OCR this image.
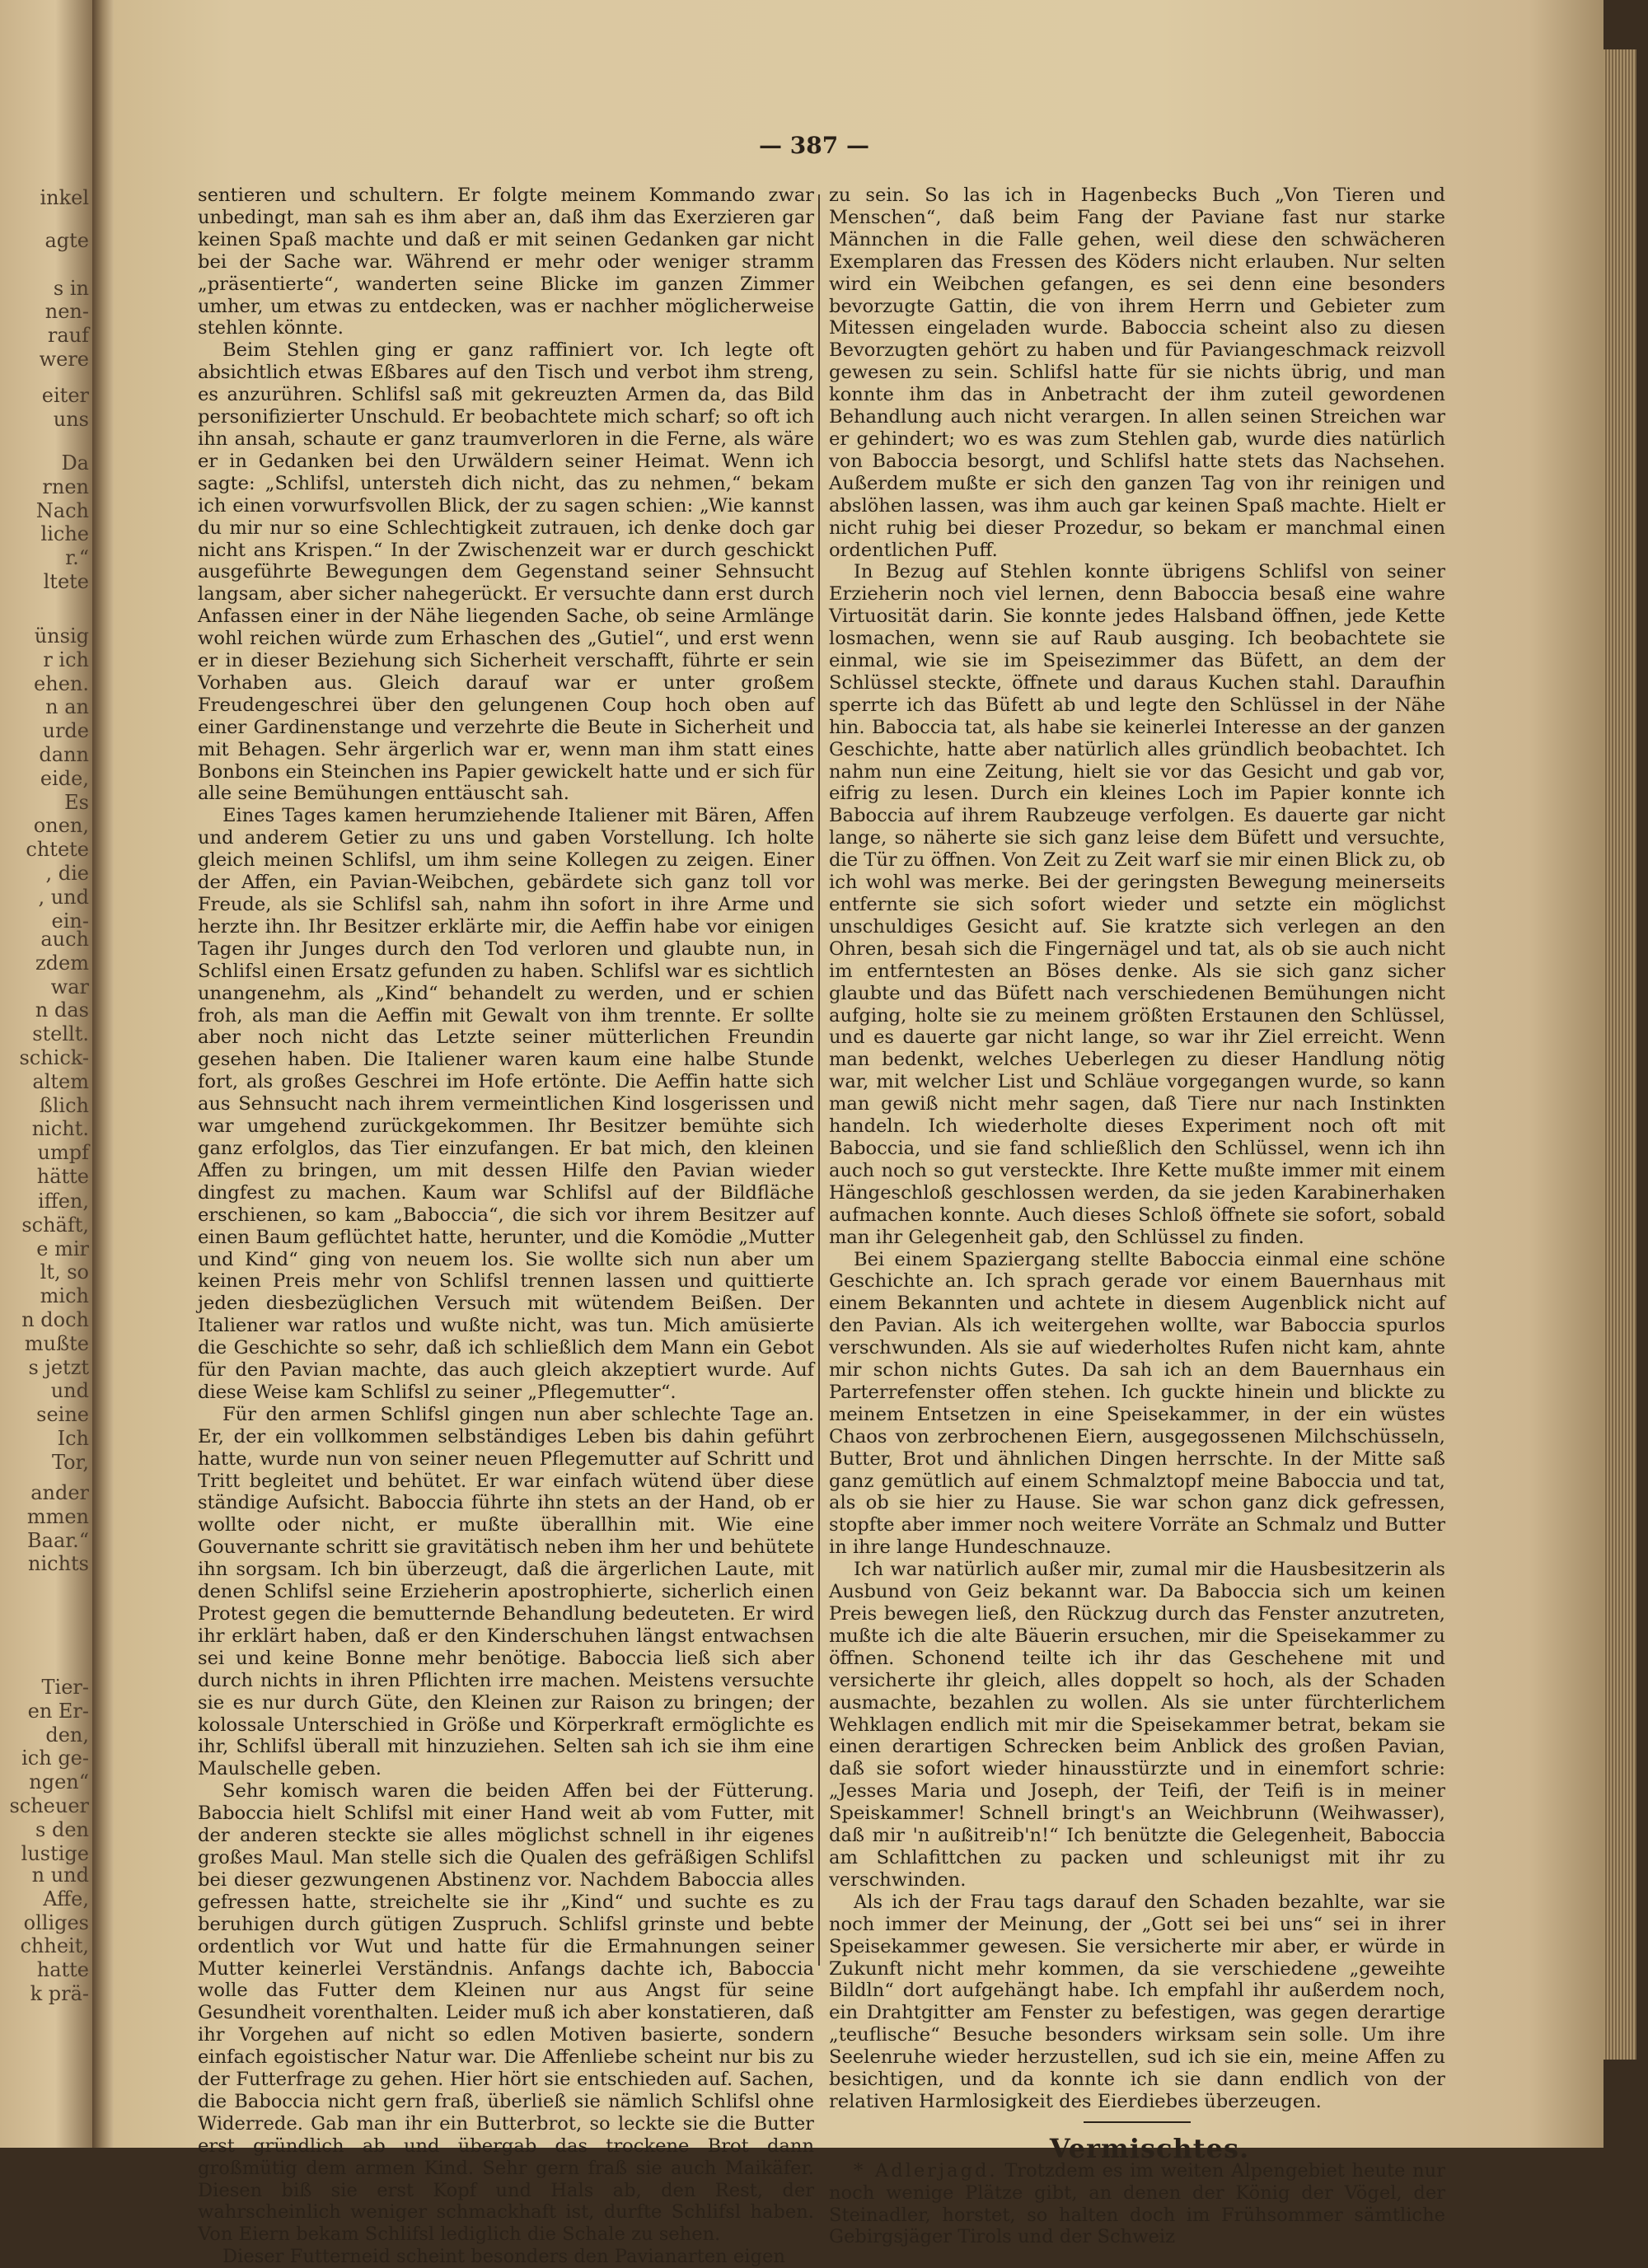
inkel
agte

s in
nen-
rauf
were
eiter
uns
Da
rnen
Nach
liche
r.“
ltete
ünsig
r ich
ehen.
n an
urde
dann
eide,
Es
onen,
chtete
, die
, und
ein-
auch
zdem
war
n das
stellt.
schick-
altem
ßlich
nicht.
umpf
hätte
iffen,
schäft,
e mir
lt, so
mich
n doch
mußte
s jetzt
und
seine
Ich
Tor,
ander
mmen
Baar.“
nichts
Tier-
en Er-
den,
ich ge-
ngen“
scheuer
s den
lustige
n und
Affe,
olliges
chheit,
hatte
k prä-
— 387 —

sentieren und schultern. Er folgte meinem Kommando zwar unbedingt, man sah es ihm aber an, daß ihm das Exerzieren gar keinen Spaß machte und daß er mit seinen Gedanken gar nicht bei der Sache war. Während er mehr oder weniger stramm „präsentierte“, wanderten seine Blicke im ganzen Zimmer umher, um etwas zu entdecken, was er nachher möglicherweise stehlen könnte.

Beim Stehlen ging er ganz raffiniert vor. Ich legte oft absichtlich etwas Eßbares auf den Tisch und verbot ihm streng, es anzurühren. Schlifsl saß mit gekreuzten Armen da, das Bild personifizierter Unschuld. Er beobachtete mich scharf; so oft ich ihn ansah, schaute er ganz traumverloren in die Ferne, als wäre er in Gedanken bei den Urwäldern seiner Heimat. Wenn ich sagte: „Schlifsl, untersteh dich nicht, das zu nehmen,“ bekam ich einen vorwurfsvollen Blick, der zu sagen schien: „Wie kannst du mir nur so eine Schlechtigkeit zutrauen, ich denke doch gar nicht ans Krispen.“ In der Zwischenzeit war er durch geschickt ausgeführte Bewegungen dem Gegenstand seiner Sehnsucht langsam, aber sicher nahegerückt. Er versuchte dann erst durch Anfassen einer in der Nähe liegenden Sache, ob seine Armlänge wohl reichen würde zum Erhaschen des „Gutiel“, und erst wenn er in dieser Beziehung sich Sicherheit verschafft, führte er sein Vorhaben aus. Gleich darauf war er unter großem Freudengeschrei über den gelungenen Coup hoch oben auf einer Gardinenstange und verzehrte die Beute in Sicherheit und mit Behagen. Sehr ärgerlich war er, wenn man ihm statt eines Bonbons ein Steinchen ins Papier gewickelt hatte und er sich für alle seine Bemühungen enttäuscht sah.

Eines Tages kamen herumziehende Italiener mit Bären, Affen und anderem Getier zu uns und gaben Vorstellung. Ich holte gleich meinen Schlifsl, um ihm seine Kollegen zu zeigen. Einer der Affen, ein Pavian-Weibchen, gebärdete sich ganz toll vor Freude, als sie Schlifsl sah, nahm ihn sofort in ihre Arme und herzte ihn. Ihr Besitzer erklärte mir, die Aeffin habe vor einigen Tagen ihr Junges durch den Tod verloren und glaubte nun, in Schlifsl einen Ersatz gefunden zu haben. Schlifsl war es sichtlich unangenehm, als „Kind“ behandelt zu werden, und er schien froh, als man die Aeffin mit Gewalt von ihm trennte. Er sollte aber noch nicht das Letzte seiner mütterlichen Freundin gesehen haben. Die Italiener waren kaum eine halbe Stunde fort, als großes Geschrei im Hofe ertönte. Die Aeffin hatte sich aus Sehnsucht nach ihrem vermeintlichen Kind losgerissen und war umgehend zurückgekommen. Ihr Besitzer bemühte sich ganz erfolglos, das Tier einzufangen. Er bat mich, den kleinen Affen zu bringen, um mit dessen Hilfe den Pavian wieder dingfest zu machen. Kaum war Schlifsl auf der Bildfläche erschienen, so kam „Baboccia“, die sich vor ihrem Besitzer auf einen Baum geflüchtet hatte, herunter, und die Komödie „Mutter und Kind“ ging von neuem los. Sie wollte sich nun aber um keinen Preis mehr von Schlifsl trennen lassen und quittierte jeden diesbezüglichen Versuch mit wütendem Beißen. Der Italiener war ratlos und wußte nicht, was tun. Mich amüsierte die Geschichte so sehr, daß ich schließlich dem Mann ein Gebot für den Pavian machte, das auch gleich akzeptiert wurde. Auf diese Weise kam Schlifsl zu seiner „Pflegemutter“.

Für den armen Schlifsl gingen nun aber schlechte Tage an. Er, der ein vollkommen selbständiges Leben bis dahin geführt hatte, wurde nun von seiner neuen Pflegemutter auf Schritt und Tritt begleitet und behütet. Er war einfach wütend über diese ständige Aufsicht. Baboccia führte ihn stets an der Hand, ob er wollte oder nicht, er mußte überallhin mit. Wie eine Gouvernante schritt sie gravitätisch neben ihm her und behütete ihn sorgsam. Ich bin überzeugt, daß die ärgerlichen Laute, mit denen Schlifsl seine Erzieherin apostrophierte, sicherlich einen Protest gegen die bemutternde Behandlung bedeuteten. Er wird ihr erklärt haben, daß er den Kinderschuhen längst entwachsen sei und keine Bonne mehr benötige. Baboccia ließ sich aber durch nichts in ihren Pflichten irre machen. Meistens versuchte sie es nur durch Güte, den Kleinen zur Raison zu bringen; der kolossale Unterschied in Größe und Körperkraft ermöglichte es ihr, Schlifsl überall mit hinzuziehen. Selten sah ich sie ihm eine Maulschelle geben.

Sehr komisch waren die beiden Affen bei der Fütterung. Baboccia hielt Schlifsl mit einer Hand weit ab vom Futter, mit der anderen steckte sie alles möglichst schnell in ihr eigenes großes Maul. Man stelle sich die Qualen des gefräßigen Schlifsl bei dieser gezwungenen Abstinenz vor. Nachdem Baboccia alles gefressen hatte, streichelte sie ihr „Kind“ und suchte es zu beruhigen durch gütigen Zuspruch. Schlifsl grinste und bebte ordentlich vor Wut und hatte für die Ermahnungen seiner Mutter keinerlei Verständnis. Anfangs dachte ich, Baboccia wolle das Futter dem Kleinen nur aus Angst für seine Gesundheit vorenthalten. Leider muß ich aber konstatieren, daß ihr Vorgehen auf nicht so edlen Motiven basierte, sondern einfach egoistischer Natur war. Die Affenliebe scheint nur bis zu der Futterfrage zu gehen. Hier hört sie entschieden auf. Sachen, die Baboccia nicht gern fraß, überließ sie nämlich Schlifsl ohne Widerrede. Gab man ihr ein Butterbrot, so leckte sie die Butter erst gründlich ab und übergab das trockene Brot dann großmütig dem armen Kind. Sehr gern fraß sie auch Maikäfer. Diesen biß sie erst Kopf und Hals ab, den Rest, der wahrscheinlich weniger schmackhaft ist, durfte Schlifsl haben. Von Eiern bekam Schlifsl lediglich die Schale zu sehen.

Dieser Futterneid scheint besonders den Pavianarten eigen

zu sein. So las ich in Hagenbecks Buch „Von Tieren und Menschen“, daß beim Fang der Paviane fast nur starke Männchen in die Falle gehen, weil diese den schwächeren Exemplaren das Fressen des Köders nicht erlauben. Nur selten wird ein Weibchen gefangen, es sei denn eine besonders bevorzugte Gattin, die von ihrem Herrn und Gebieter zum Mitessen eingeladen wurde. Baboccia scheint also zu diesen Bevorzugten gehört zu haben und für Paviangeschmack reizvoll gewesen zu sein. Schlifsl hatte für sie nichts übrig, und man konnte ihm das in Anbetracht der ihm zuteil gewordenen Behandlung auch nicht verargen. In allen seinen Streichen war er gehindert; wo es was zum Stehlen gab, wurde dies natürlich von Baboccia besorgt, und Schlifsl hatte stets das Nachsehen. Außerdem mußte er sich den ganzen Tag von ihr reinigen und abslöhen lassen, was ihm auch gar keinen Spaß machte. Hielt er nicht ruhig bei dieser Prozedur, so bekam er manchmal einen ordentlichen Puff.

In Bezug auf Stehlen konnte übrigens Schlifsl von seiner Erzieherin noch viel lernen, denn Baboccia besaß eine wahre Virtuosität darin. Sie konnte jedes Halsband öffnen, jede Kette losmachen, wenn sie auf Raub ausging. Ich beobachtete sie einmal, wie sie im Speisezimmer das Büfett, an dem der Schlüssel steckte, öffnete und daraus Kuchen stahl. Daraufhin sperrte ich das Büfett ab und legte den Schlüssel in der Nähe hin. Baboccia tat, als habe sie keinerlei Interesse an der ganzen Geschichte, hatte aber natürlich alles gründlich beobachtet. Ich nahm nun eine Zeitung, hielt sie vor das Gesicht und gab vor, eifrig zu lesen. Durch ein kleines Loch im Papier konnte ich Baboccia auf ihrem Raubzeuge verfolgen. Es dauerte gar nicht lange, so näherte sie sich ganz leise dem Büfett und versuchte, die Tür zu öffnen. Von Zeit zu Zeit warf sie mir einen Blick zu, ob ich wohl was merke. Bei der geringsten Bewegung meinerseits entfernte sie sich sofort wieder und setzte ein möglichst unschuldiges Gesicht auf. Sie kratzte sich verlegen an den Ohren, besah sich die Fingernägel und tat, als ob sie auch nicht im entferntesten an Böses denke. Als sie sich ganz sicher glaubte und das Büfett nach verschiedenen Bemühungen nicht aufging, holte sie zu meinem größten Erstaunen den Schlüssel, und es dauerte gar nicht lange, so war ihr Ziel erreicht. Wenn man bedenkt, welches Ueberlegen zu dieser Handlung nötig war, mit welcher List und Schläue vorgegangen wurde, so kann man gewiß nicht mehr sagen, daß Tiere nur nach Instinkten handeln. Ich wiederholte dieses Experiment noch oft mit Baboccia, und sie fand schließlich den Schlüssel, wenn ich ihn auch noch so gut versteckte. Ihre Kette mußte immer mit einem Hängeschloß geschlossen werden, da sie jeden Karabinerhaken aufmachen konnte. Auch dieses Schloß öffnete sie sofort, sobald man ihr Gelegenheit gab, den Schlüssel zu finden.

Bei einem Spaziergang stellte Baboccia einmal eine schöne Geschichte an. Ich sprach gerade vor einem Bauernhaus mit einem Bekannten und achtete in diesem Augenblick nicht auf den Pavian. Als ich weitergehen wollte, war Baboccia spurlos verschwunden. Als sie auf wiederholtes Rufen nicht kam, ahnte mir schon nichts Gutes. Da sah ich an dem Bauernhaus ein Parterrefenster offen stehen. Ich guckte hinein und blickte zu meinem Entsetzen in eine Speisekammer, in der ein wüstes Chaos von zerbrochenen Eiern, ausgegossenen Milchschüsseln, Butter, Brot und ähnlichen Dingen herrschte. In der Mitte saß ganz gemütlich auf einem Schmalztopf meine Baboccia und tat, als ob sie hier zu Hause. Sie war schon ganz dick gefressen, stopfte aber immer noch weitere Vorräte an Schmalz und Butter in ihre lange Hundeschnauze.

Ich war natürlich außer mir, zumal mir die Hausbesitzerin als Ausbund von Geiz bekannt war. Da Baboccia sich um keinen Preis bewegen ließ, den Rückzug durch das Fenster anzutreten, mußte ich die alte Bäuerin ersuchen, mir die Speisekammer zu öffnen. Schonend teilte ich ihr das Geschehene mit und versicherte ihr gleich, alles doppelt so hoch, als der Schaden ausmachte, bezahlen zu wollen. Als sie unter fürchterlichem Wehklagen endlich mit mir die Speisekammer betrat, bekam sie einen derartigen Schrecken beim Anblick des großen Pavian, daß sie sofort wieder hinausstürzte und in einemfort schrie: „Jesses Maria und Joseph, der Teifi, der Teifi is in meiner Speiskammer! Schnell bringt's an Weichbrunn (Weihwasser), daß mir 'n außitreib'n!“ Ich benützte die Gelegenheit, Baboccia am Schlafittchen zu packen und schleunigst mit ihr zu verschwinden.

Als ich der Frau tags darauf den Schaden bezahlte, war sie noch immer der Meinung, der „Gott sei bei uns“ sei in ihrer Speisekammer gewesen. Sie versicherte mir aber, er würde in Zukunft nicht mehr kommen, da sie verschiedene „geweihte Bildln“ dort aufgehängt habe. Ich empfahl ihr außerdem noch, ein Drahtgitter am Fenster zu befestigen, was gegen derartige „teuflische“ Besuche besonders wirksam sein solle. Um ihre Seelenruhe wieder herzustellen, sud ich sie ein, meine Affen zu besichtigen, und da konnte ich sie dann endlich von der relativen Harmlosigkeit des Eierdiebes überzeugen.

Vermischtes.

* Adlerjagd. Trotzdem es im weiten Alpengebiet heute nur noch wenige Plätze gibt, an denen der König der Vögel, der Steinadler, horstet, so halten doch im Frühsommer sämtliche Gebirgsjäger Tirols und der Schweiz
